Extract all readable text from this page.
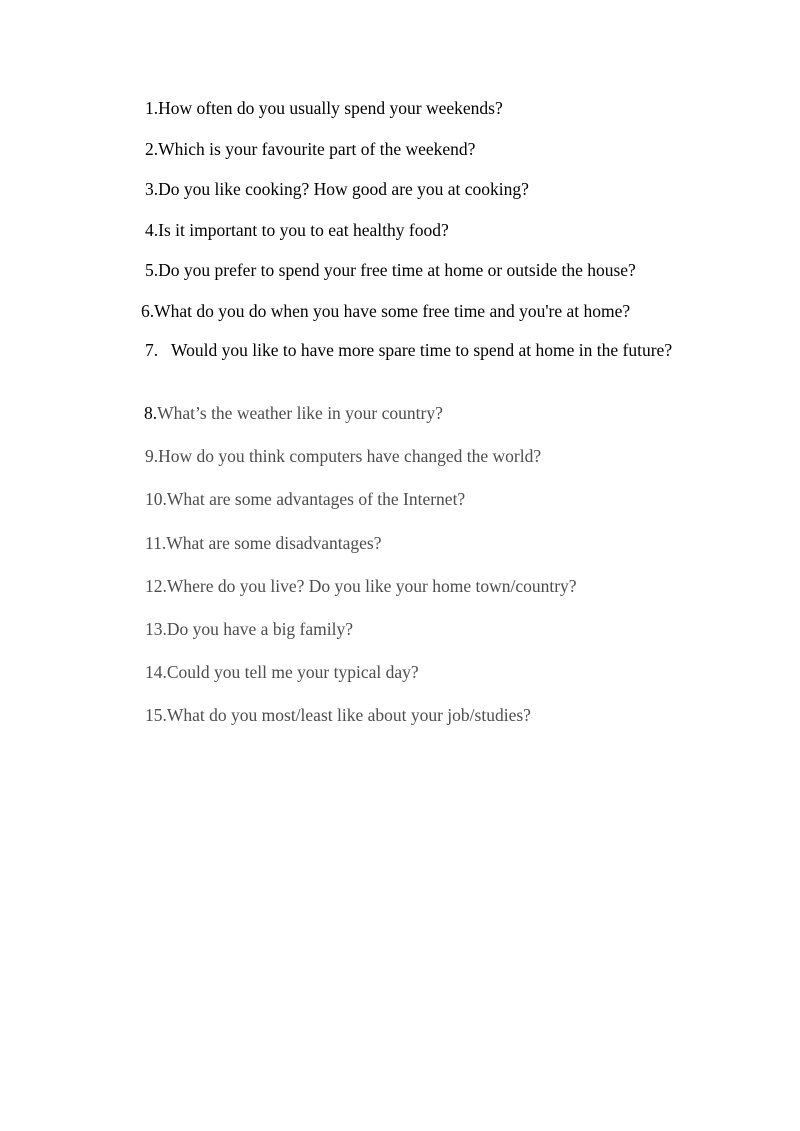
1.How often do you usually spend your weekends?

2.Which is your favourite part of the weekend?

3.Do you like cooking? How good are you at cooking?

4.Is it important to you to eat healthy food?

5.Do you prefer to spend your free time at home or outside the house?

6.What do you do when you have some free time and you're at home?

7. Would you like to have more spare time to spend at home in the future?

8.What’s the weather like in your country?

9.How do you think computers have changed the world?

10.What are some advantages of the Internet?

11.What are some disadvantages?

12.Where do you live? Do you like your home town/country?

13.Do you have a big family?

14.Could you tell me your typical day?

15.What do you most/least like about your job/studies?
